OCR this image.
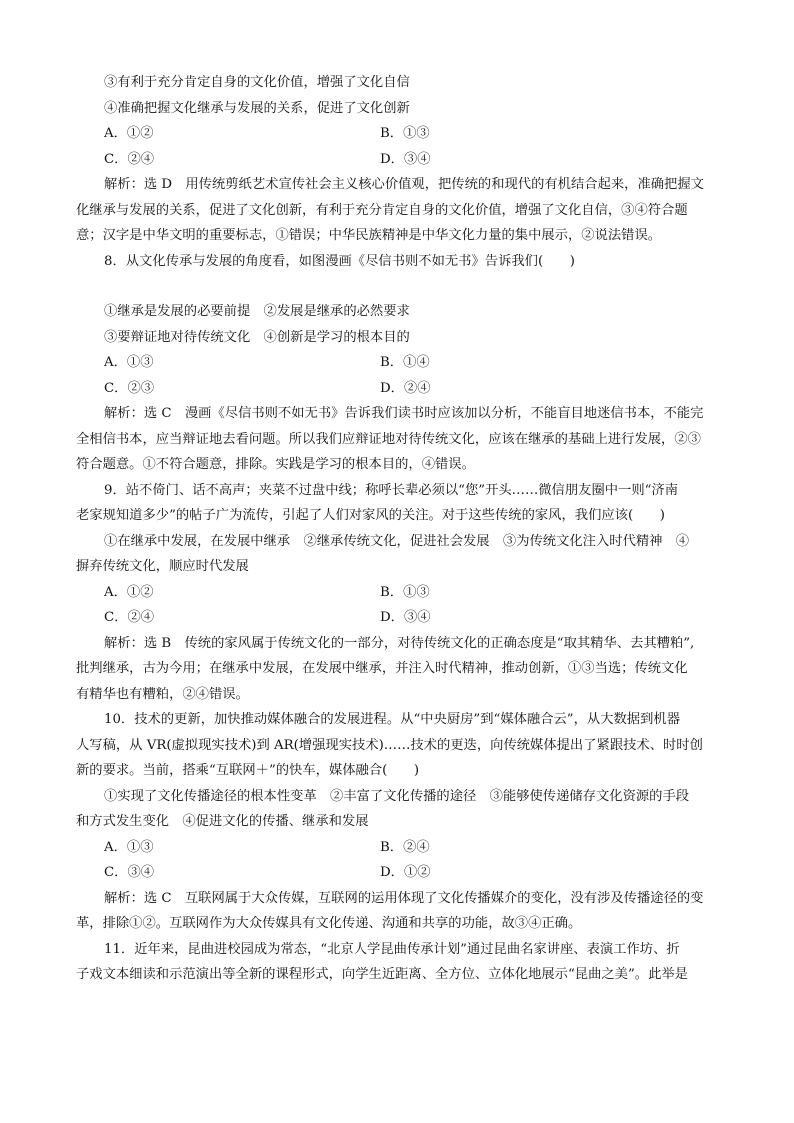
③有利于充分肯定自身的文化价值，增强了文化自信
④准确把握文化继承与发展的关系，促进了文化创新
A．①②	B．①③
C．②④	D．③④
解析：选 D　用传统剪纸艺术宣传社会主义核心价值观，把传统的和现代的有机结合起来，准确把握文
化继承与发展的关系，促进了文化创新，有利于充分肯定自身的文化价值，增强了文化自信，③④符合题
意；汉字是中华文明的重要标志，①错误；中华民族精神是中华文化力量的集中展示，②说法错误。
8．从文化传承与发展的角度看，如图漫画《尽信书则不如无书》告诉我们(　　)
①继承是发展的必要前提　②发展是继承的必然要求
③要辩证地对待传统文化　④创新是学习的根本目的
A．①③	B．①④
C．②③	D．②④
解析：选 C　漫画《尽信书则不如无书》告诉我们读书时应该加以分析，不能盲目地迷信书本，不能完
全相信书本，应当辩证地去看问题。所以我们应辩证地对待传统文化，应该在继承的基础上进行发展，②③
符合题意。①不符合题意，排除。实践是学习的根本目的，④错误。
9．站不倚门、话不高声；夹菜不过盘中线；称呼长辈必须以“您”开头……微信朋友圈中一则“济南
老家规知道多少”的帖子广为流传，引起了人们对家风的关注。对于这些传统的家风，我们应该(　　)
①在继承中发展，在发展中继承　②继承传统文化，促进社会发展　③为传统文化注入时代精神　④
摒弃传统文化，顺应时代发展
A．①②	B．①③
C．②④	D．③④
解析：选 B　传统的家风属于传统文化的一部分，对待传统文化的正确态度是“取其精华、去其糟粕”,
批判继承，古为今用；在继承中发展，在发展中继承，并注入时代精神，推动创新，①③当选；传统文化
有精华也有糟粕，②④错误。
10．技术的更新，加快推动媒体融合的发展进程。从“中央厨房”到“媒体融合云”，从大数据到机器
人写稿，从 VR(虚拟现实技术)到 AR(增强现实技术)……技术的更迭，向传统媒体提出了紧跟技术、时时创
新的要求。当前，搭乘“互联网＋”的快车，媒体融合(　　)
①实现了文化传播途径的根本性变革　②丰富了文化传播的途径　③能够使传递储存文化资源的手段
和方式发生变化　④促进文化的传播、继承和发展
A．①③	B．②④
C．③④	D．①②
解析：选 C　互联网属于大众传媒，互联网的运用体现了文化传播媒介的变化，没有涉及传播途径的变
革，排除①②。互联网作为大众传媒具有文化传递、沟通和共享的功能，故③④正确。
11．近年来，昆曲进校园成为常态，“北京人学昆曲传承计划”通过昆曲名家讲座、表演工作坊、折
子戏文本细读和示范演出等全新的课程形式，向学生近距离、全方位、立体化地展示“昆曲之美”。此举是
